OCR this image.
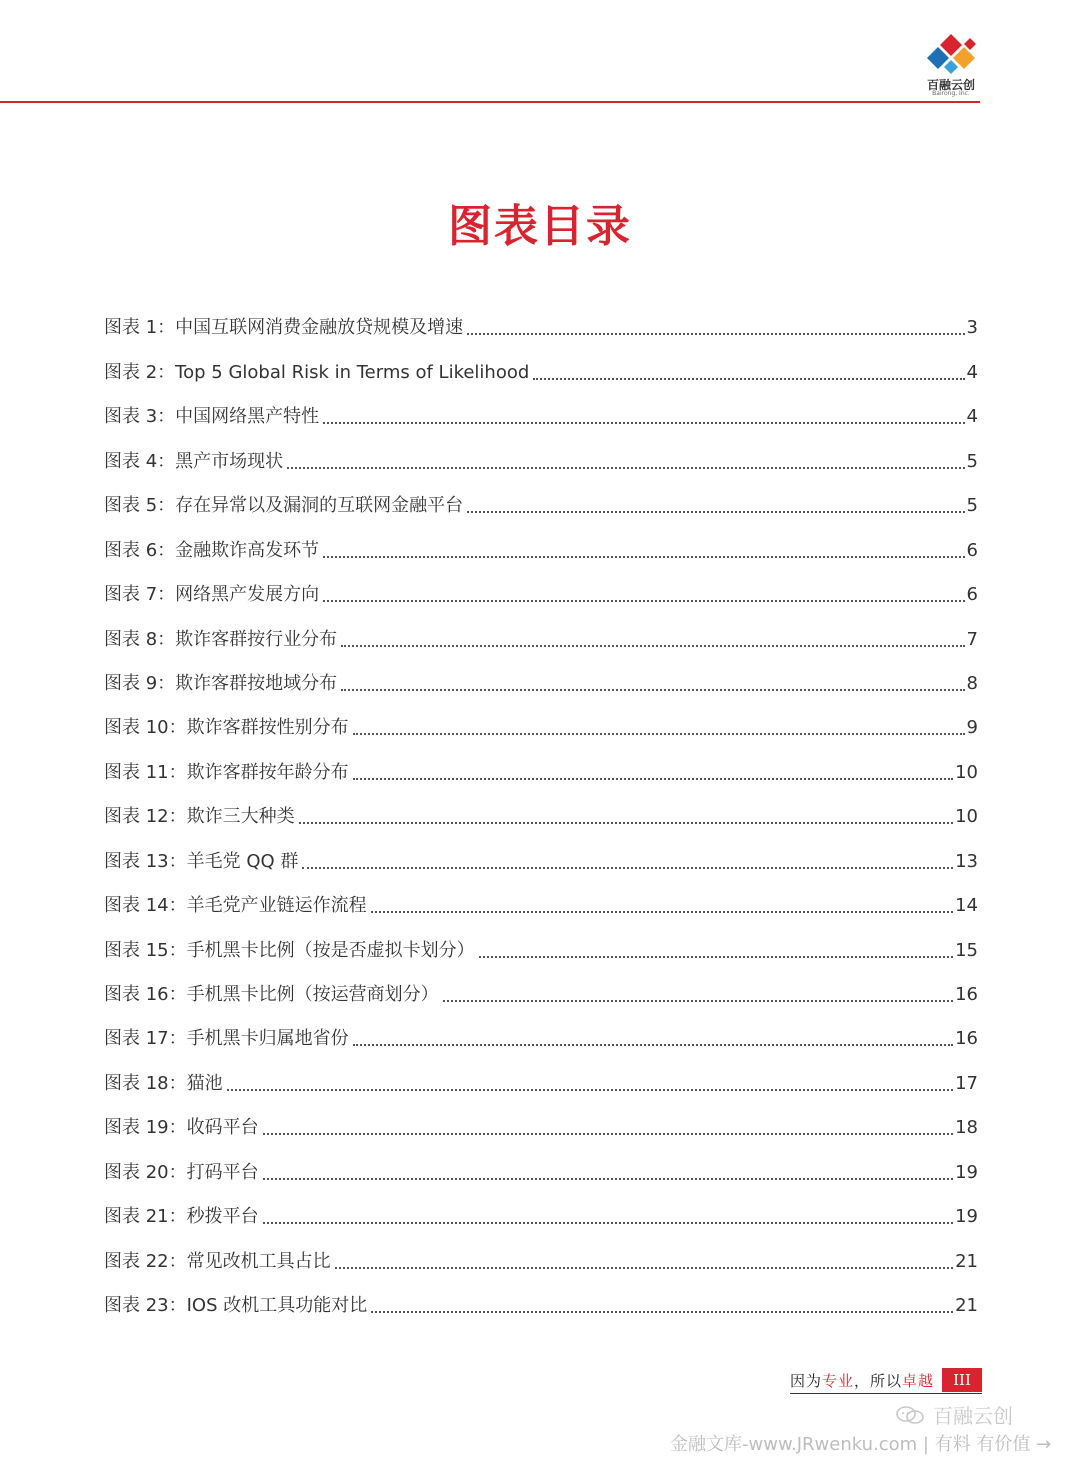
百融云创
Bairong, Inc.
图表目录
图表 1：中国互联网消费金融放贷规模及增速	3
图表 2：Top 5 Global Risk in Terms of Likelihood	4
图表 3：中国网络黑产特性	4
图表 4：黑产市场现状	5
图表 5：存在异常以及漏洞的互联网金融平台	5
图表 6：金融欺诈高发环节	6
图表 7：网络黑产发展方向	6
图表 8：欺诈客群按行业分布	7
图表 9：欺诈客群按地域分布	8
图表 10：欺诈客群按性别分布	9
图表 11：欺诈客群按年龄分布	10
图表 12：欺诈三大种类	10
图表 13：羊毛党 QQ 群	13
图表 14：羊毛党产业链运作流程	14
图表 15：手机黑卡比例（按是否虚拟卡划分）	15
图表 16：手机黑卡比例（按运营商划分）	16
图表 17：手机黑卡归属地省份	16
图表 18：猫池	17
图表 19：收码平台	18
图表 20：打码平台	19
图表 21：秒拨平台	19
图表 22：常见改机工具占比	21
图表 23：IOS 改机工具功能对比	21
因为专业，所以卓越	III
百融云创
金融文库-www.JRwenku.com | 有料 有价值 →
